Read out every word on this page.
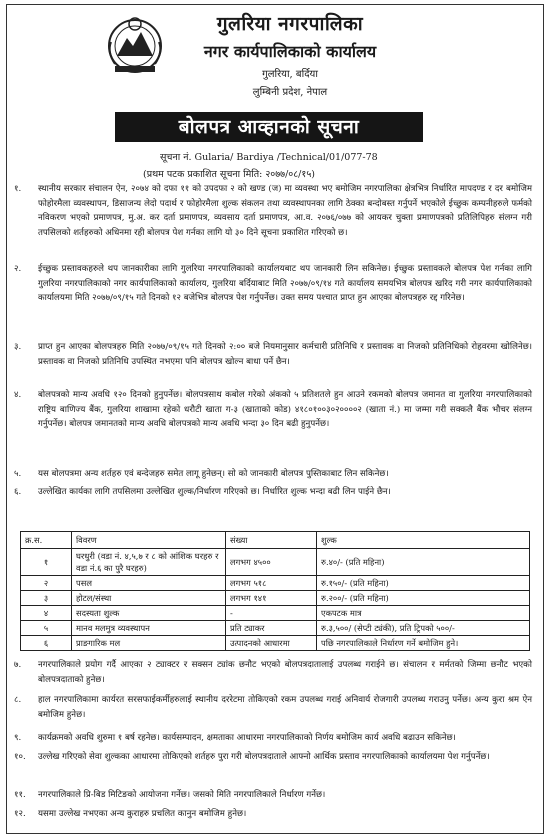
गुलरिया नगरपालिका
नगर कार्यपालिकाको कार्यालय
गुलरिया, बर्दिया
लुम्बिनी प्रदेश, नेपाल
बोलपत्र आव्हानको सूचना
सूचना नं. Gularia/ Bardiya /Technical/01/077-78
(प्रथम पटक प्रकाशित सूचना मिति: २०७७/०८/१५)
१.	स्थानीय सरकार संचालन ऐन, २०७४ को दफा ११ को उपदफा २ को खण्ड (ज) मा व्यवस्था भए बमोजिम नगरपालिका क्षेत्रभित्र निर्धारित मापदण्ड र दर बमोजिम फोहोरमैला व्यवस्थापन, डिसाजन्य लेदो पदार्थ र फोहोरमैला शुल्क संकलन तथा व्यवस्थापनका लागि ठेक्का बन्दोबस्त गर्नुपर्ने भएकोले ईच्छुक कम्पनीहरुले फर्मको नविकरण भएको प्रमाणपत्र, मु.अ. कर दर्ता प्रमाणपत्र, व्यवसाय दर्ता प्रमाणपत्र, आ.व. २०७६/०७७ को आयकर चुक्ता प्रमाणपत्रको प्रतिलिपिहरु संलग्न गरी तपसिलको शर्तहरुको अधिनमा रही बोलपत्र पेश गर्नका लागि यो ३० दिने सूचना प्रकाशित गरिएको छ।
२.	ईच्छुक प्रस्तावकहरुले थप जानकारीका लागि गुलरिया नगरपालिकाको कार्यालयबाट थप जानकारी लिन सकिनेछ। ईच्छुक प्रस्तावकले बोलपत्र पेश गर्नका लागि गुलरिया नगरपालिकाको नगर कार्यपालिकाको कार्यालय, गुलरिया बर्दियाबाट मिति २०७७/०९/१४ गते कार्यालय समयभित्र बोलपत्र खरिद गरी नगर कार्यपालिकाको कार्यालयमा मिति २०७७/०९/१५ गते दिनको १२ बजेभित्र बोलपत्र पेश गर्नुपर्नेछ। उक्त समय पश्चात प्राप्त हुन आएका बोलपत्रहरु रद्द गरिनेछ।
३.	प्राप्त हुन आएका बोलपत्रहरु मिति २०७७/०९/१५ गते दिनको २:०० बजे नियमानुसार कर्मचारी प्रतिनिधि र प्रस्तावक वा निजको प्रतिनिधिको रोहवरमा खोलिनेछ। प्रस्तावक वा निजको प्रतिनिधि उपस्थित नभएमा पनि बोलपत्र खोल्न बाधा पर्ने छैन।
४.	बोलपत्रको मान्य अवधि १२० दिनको हुनुपर्नेछ। बोलपत्रसाथ कबोल गरेको अंकको ५ प्रतिशतले हुन आउने रकमको बोलपत्र जमानत वा गुलरिया नगरपालिकाको राष्ट्रिय बाणिज्य बैंक, गुलरिया शाखामा रहेको धरौटी खाता ग-३ (खाताको कोड) ४१८०१००३०२००००२ (खाता नं.) मा जम्मा गरी सक्कलै बैंक भौचर संलग्न गर्नुपर्नेछ। बोलपत्र जमानतको मान्य अवधि बोलपत्रको मान्य अवधि भन्दा ३० दिन बढी हुनुपर्नेछ।
५.	यस बोलपत्रमा अन्य शर्तहरु एवं बन्देजहरु समेत लागू हुनेछन्। सो को जानकारी बोलपत्र पुस्तिकाबाट लिन सकिनेछ।
६.	उल्लेखित कार्यका लागि तपसिलमा उल्लेखित शुल्क/निर्धारण गरिएको छ। निर्धारित शुल्क भन्दा बढी लिन पाईने छैन।
क्र.स.	विवरण	संख्या	शुल्क
१	घरधुरी (वडा नं. ४,५,७ र ८ को आंशिक घरहरु र वडा नं.६ का पुरै घरहरु)	लगभग ४५००	रु.४०/- (प्रति महिना)
२	पसल	लगभग ५१८	रु.१५०/- (प्रति महिना)
३	होटल/संस्था	लगभग १४१	रु.२००/- (प्रति महिना)
४	सदस्यता शुल्क	-	एकपटक मात्र
५	मानव मलमुत्र व्यवस्थापन	प्रति ट्याकर	रु.३,५००/ (सेप्टी ट्यंकी), प्रति ट्रिपको ५००/-
६	प्राङगारिक मल	उत्पादनको आधारमा	पछि नगरपालिकाले निर्धारण गर्ने बमोजिम हुने।
७.	नगरपालिकाले प्रयोग गर्दै आएका २ ट्याक्टर र सक्सन ट्यांक छनौट भएको बोलपत्रदातालाई उपलब्ध गराईने छ। संचालन र मर्मतको जिम्मा छनौट भएको बोलपत्रदाताको हुनेछ।
८.	हाल नगरपालिकामा कार्यरत सरसफाईकर्मीहरुलाई स्थानीय दररेटमा तोकिएको रकम उपलब्ध गराई अनिवार्य रोजगारी उपलब्ध गराउनु पर्नेछ। अन्य कुरा श्रम ऐन बमोजिम हुनेछ।
९.	कार्यक्रमको अवधि शुरुमा १ बर्ष रहनेछ। कार्यसम्पादन, क्षमताका आधारमा नगरपालिकाको निर्णय बमोजिम कार्य अवधि बढाउन सकिनेछ।
१०.	उल्लेख गरिएको सेवा शुल्कका आधारमा तोकिएको शर्तहरु पुरा गरी बोलपत्रदाताले आफ्नो आर्थिक प्रस्ताव नगरपालिकाको कार्यालयमा पेश गर्नुपर्नेछ।
११.	नगरपालिकाले प्रि-बिड मिटिङको आयोजना गर्नेछ। जसको मिति नगरपालिकाले निर्धारण गर्नेछ।
१२.	यसमा उल्लेख नभएका अन्य कुराहरु प्रचलित कानुन बमोजिम हुनेछ।
